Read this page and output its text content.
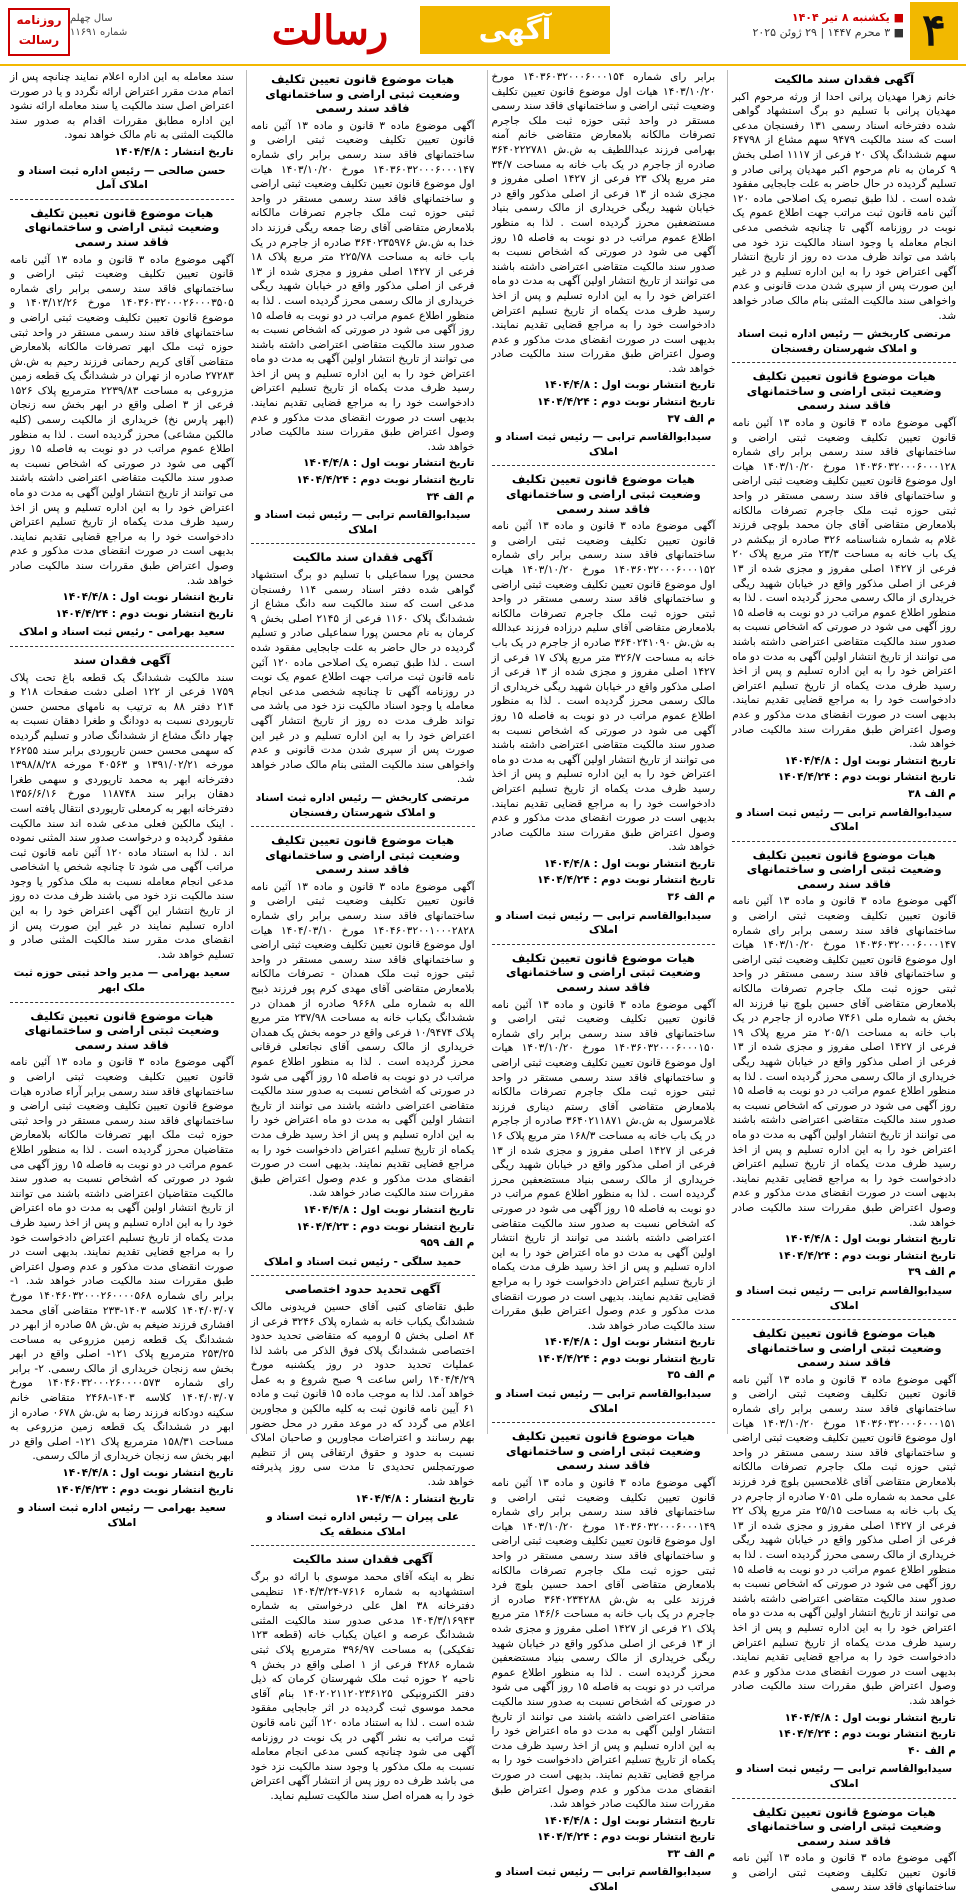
۴
■ یکشنبه ۸ تیر ۱۴۰۴
■ ۳ محرم ۱۴۴۷ | ۲۹ ژوئن ۲۰۲۵
آگهی
رسالت
سال چهلم
شماره ۱۱۶۹۱
روزنامه رسالت
آگهی فقدان سند مالکیت

خانم زهرا مهدیان پرانی احدا از ورثه مرحوم اکبر مهدیان پرانی با تسلیم دو برگ استشهاد گواهی شده دفترخانه اسناد رسمی ۱۳۱ رفسنجان مدعی است که سند مالکیت ۹۴۷۹ سهم مشاع از ۶۴۷۹۸ سهم ششدانگ پلاک ۲۰ فرعی از ۱۱۱۷ اصلی بخش ۹ کرمان به نام مرحوم اکبر مهدیان پرانی صادر و تسلیم گردیده در حال حاضر به علت جابجایی مفقود شده است . لذا طبق تبصره یک اصلاحی ماده ۱۲۰ آئین نامه قانون ثبت مراتب جهت اطلاع عموم یک نوبت در روزنامه آگهی تا چنانچه شخصی مدعی انجام معامله یا وجود اسناد مالکیت نزد خود می باشد می تواند ظرف مدت ده روز از تاریخ انتشار آگهی اعتراض خود را به این اداره تسلیم و در غیر این صورت پس از سپری شدن مدت قانونی و عدم واخواهی سند مالکیت المثنی بنام مالک صادر خواهد شد.

مرتضی کاربخش — رئیس اداره ثبت اسناد و املاک شهرستان رفسنجان
هیات موضوع قانون تعیین تکلیف وضعیت ثبتی اراضی و ساختمانهای فاقد سند رسمی

آگهی موضوع ماده ۳ قانون و ماده ۱۳ آئین نامه قانون تعیین تکلیف وضعیت ثبتی اراضی و ساختمانهای فاقد سند رسمی برابر رای شماره ۱۴۰۳۶۰۳۲۰۰۰۶۰۰۰۱۲۸ مورخ ۱۴۰۳/۱۰/۲۰ هیات اول موضوع قانون تعیین تکلیف وضعیت ثبتی اراضی و ساختمانهای فاقد سند رسمی مستقر در واحد ثبتی حوزه ثبت ملک جاجرم تصرفات مالکانه بلامعارض متقاضی آقای جان محمد بلوچی فرزند غلام به شماره شناسنامه ۳۲۶ صادره از بیکشم در یک باب خانه به مساحت ۲۳/۳ متر مربع پلاک ۲۰ فرعی از ۱۴۲۷ اصلی مفروز و مجزی شده از ۱۳ فرعی از اصلی مذکور واقع در خیابان شهید ریگی خریداری از مالک رسمی محرز گردیده است . لذا به منظور اطلاع عموم مراتب در دو نوبت به فاصله ۱۵ روز آگهی می شود در صورتی که اشخاص نسبت به صدور سند مالکیت متقاضی اعتراضی داشته باشند می توانند از تاریخ انتشار اولین آگهی به مدت دو ماه اعتراض خود را به این اداره تسلیم و پس از اخذ رسید ظرف مدت یکماه از تاریخ تسلیم اعتراض دادخواست خود را به مراجع قضایی تقدیم نمایند. بدیهی است در صورت انقضای مدت مذکور و عدم وصول اعتراض طبق مقررات سند مالکیت صادر خواهد شد.

تاریخ انتشار نوبت اول : ۱۴۰۴/۴/۸
تاریخ انتشار نوبت دوم : ۱۴۰۴/۴/۲۴
م الف ۳۸
سیدابوالقاسم ترابی — رئیس ثبت اسناد و املاک
هیات موضوع قانون تعیین تکلیف وضعیت ثبتی اراضی و ساختمانهای فاقد سند رسمی

آگهی موضوع ماده ۳ قانون و ماده ۱۳ آئین نامه قانون تعیین تکلیف وضعیت ثبتی اراضی و ساختمانهای فاقد سند رسمی برابر رای شماره ۱۴۰۳۶۰۳۲۰۰۰۶۰۰۰۱۴۷ مورخ ۱۴۰۳/۱۰/۲۰ هیات اول موضوع قانون تعیین تکلیف وضعیت ثبتی اراضی و ساختمانهای فاقد سند رسمی مستقر در واحد ثبتی حوزه ثبت ملک جاجرم تصرفات مالکانه بلامعارض متقاضی آقای حسین بلوچ نیا فرزند اله بخش به شماره ملی ۷۴۶۱ صادره از جاجرم در یک باب خانه به مساحت ۲۰۵/۱ متر مربع پلاک ۱۹ فرعی از ۱۴۲۷ اصلی مفروز و مجزی شده از ۱۳ فرعی از اصلی مذکور واقع در خیابان شهید ریگی خریداری از مالک رسمی محرز گردیده است . لذا به منظور اطلاع عموم مراتب در دو نوبت به فاصله ۱۵ روز آگهی می شود در صورتی که اشخاص نسبت به صدور سند مالکیت متقاضی اعتراضی داشته باشند می توانند از تاریخ انتشار اولین آگهی به مدت دو ماه اعتراض خود را به این اداره تسلیم و پس از اخذ رسید ظرف مدت یکماه از تاریخ تسلیم اعتراض دادخواست خود را به مراجع قضایی تقدیم نمایند. بدیهی است در صورت انقضای مدت مذکور و عدم وصول اعتراض طبق مقررات سند مالکیت صادر خواهد شد.

تاریخ انتشار نوبت اول : ۱۴۰۴/۴/۸
تاریخ انتشار نوبت دوم : ۱۴۰۴/۴/۲۴
م الف ۳۹
سیدابوالقاسم ترابی — رئیس ثبت اسناد و املاک
هیات موضوع قانون تعیین تکلیف وضعیت ثبتی اراضی و ساختمانهای فاقد سند رسمی

آگهی موضوع ماده ۳ قانون و ماده ۱۳ آئین نامه قانون تعیین تکلیف وضعیت ثبتی اراضی و ساختمانهای فاقد سند رسمی برابر رای شماره ۱۴۰۳۶۰۳۲۰۰۰۶۰۰۰۱۵۱ مورخ ۱۴۰۳/۱۰/۲۰ هیات اول موضوع قانون تعیین تکلیف وضعیت ثبتی اراضی و ساختمانهای فاقد سند رسمی مستقر در واحد ثبتی حوزه ثبت ملک جاجرم تصرفات مالکانه بلامعارض متقاضی آقای غلامحسین بلوچ فرد فرزند علی محمد به شماره ملی ۷۰۵۱ صادره از جاجرم در یک باب خانه به مساحت ۲۵/۱۵ متر مربع پلاک ۲۲ فرعی از ۱۴۲۷ اصلی مفروز و مجزی شده از ۱۳ فرعی از اصلی مذکور واقع در خیابان شهید ریگی خریداری از مالک رسمی محرز گردیده است . لذا به منظور اطلاع عموم مراتب در دو نوبت به فاصله ۱۵ روز آگهی می شود در صورتی که اشخاص نسبت به صدور سند مالکیت متقاضی اعتراضی داشته باشند می توانند از تاریخ انتشار اولین آگهی به مدت دو ماه اعتراض خود را به این اداره تسلیم و پس از اخذ رسید ظرف مدت یکماه از تاریخ تسلیم اعتراض دادخواست خود را به مراجع قضایی تقدیم نمایند. بدیهی است در صورت انقضای مدت مذکور و عدم وصول اعتراض طبق مقررات سند مالکیت صادر خواهد شد.

تاریخ انتشار نوبت اول : ۱۴۰۴/۴/۸
تاریخ انتشار نوبت دوم : ۱۴۰۴/۴/۲۴
م الف ۴۰
سیدابوالقاسم ترابی — رئیس ثبت اسناد و املاک
هیات موضوع قانون تعیین تکلیف وضعیت ثبتی اراضی و ساختمانهای فاقد سند رسمی

آگهی موضوع ماده ۳ قانون و ماده ۱۳ آئین نامه قانون تعیین تکلیف وضعیت ثبتی اراضی و ساختمانهای فاقد سند رسمی

برابر رای شماره ۱۴۰۳۶۰۳۲۰۰۰۶۰۰۰۱۵۴ مورخ ۱۴۰۳/۱۰/۲۰ هیات اول موضوع قانون تعیین تکلیف وضعیت ثبتی اراضی و ساختمانهای فاقد سند رسمی مستقر در واحد ثبتی حوزه ثبت ملک جاجرم تصرفات مالکانه بلامعارض متقاضی خانم آمنه بهرامی فرزند عبداللطیف به ش.ش ۳۶۴۰۲۲۲۷۸۱ صادره از جاجرم در یک باب خانه به مساحت ۳۴/۷ متر مربع پلاک ۲۳ فرعی از ۱۴۲۷ اصلی مفروز و مجزی شده از ۱۳ فرعی از اصلی مذکور واقع در خیابان شهید ریگی خریداری از مالک رسمی بنیاد مستضعفین محرز گردیده است . لذا به منظور اطلاع عموم مراتب در دو نوبت به فاصله ۱۵ روز آگهی می شود در صورتی که اشخاص نسبت به صدور سند مالکیت متقاضی اعتراضی داشته باشند می توانند از تاریخ انتشار اولین آگهی به مدت دو ماه اعتراض خود را به این اداره تسلیم و پس از اخذ رسید ظرف مدت یکماه از تاریخ تسلیم اعتراض دادخواست خود را به مراجع قضایی تقدیم نمایند. بدیهی است در صورت انقضای مدت مذکور و عدم وصول اعتراض طبق مقررات سند مالکیت صادر خواهد شد.

تاریخ انتشار نوبت اول : ۱۴۰۴/۴/۸
تاریخ انتشار نوبت دوم : ۱۴۰۴/۴/۲۴
م الف ۳۷
سیدابوالقاسم ترابی — رئیس ثبت اسناد و املاک
هیات موضوع قانون تعیین تکلیف وضعیت ثبتی اراضی و ساختمانهای فاقد سند رسمی

آگهی موضوع ماده ۳ قانون و ماده ۱۳ آئین نامه قانون تعیین تکلیف وضعیت ثبتی اراضی و ساختمانهای فاقد سند رسمی برابر رای شماره ۱۴۰۳۶۰۳۲۰۰۰۶۰۰۰۱۵۲ مورخ ۱۴۰۳/۱۰/۲۰ هیات اول موضوع قانون تعیین تکلیف وضعیت ثبتی اراضی و ساختمانهای فاقد سند رسمی مستقر در واحد ثبتی حوزه ثبت ملک جاجرم تصرفات مالکانه بلامعارض متقاضی آقای سلیم درزاده فرزند عبدالله به ش.ش ۳۶۴۰۲۴۱۰۹۰ صادره از جاجرم در یک باب خانه به مساحت ۳۲۶/۷ متر مربع پلاک ۱۷ فرعی از ۱۴۲۷ اصلی مفروز و مجزی شده از ۱۳ فرعی از اصلی مذکور واقع در خیابان شهید ریگی خریداری از مالک رسمی محرز گردیده است . لذا به منظور اطلاع عموم مراتب در دو نوبت به فاصله ۱۵ روز آگهی می شود در صورتی که اشخاص نسبت به صدور سند مالکیت متقاضی اعتراضی داشته باشند می توانند از تاریخ انتشار اولین آگهی به مدت دو ماه اعتراض خود را به این اداره تسلیم و پس از اخذ رسید ظرف مدت یکماه از تاریخ تسلیم اعتراض دادخواست خود را به مراجع قضایی تقدیم نمایند. بدیهی است در صورت انقضای مدت مذکور و عدم وصول اعتراض طبق مقررات سند مالکیت صادر خواهد شد.

تاریخ انتشار نوبت اول : ۱۴۰۴/۴/۸
تاریخ انتشار نوبت دوم : ۱۴۰۴/۴/۲۴
م الف ۳۶
سیدابوالقاسم ترابی — رئیس ثبت اسناد و املاک
هیات موضوع قانون تعیین تکلیف وضعیت ثبتی اراضی و ساختمانهای فاقد سند رسمی

آگهی موضوع ماده ۳ قانون و ماده ۱۳ آئین نامه قانون تعیین تکلیف وضعیت ثبتی اراضی و ساختمانهای فاقد سند رسمی برابر رای شماره ۱۴۰۳۶۰۳۲۰۰۰۶۰۰۰۱۵۰ مورخ ۱۴۰۳/۱۰/۲۰ هیات اول موضوع قانون تعیین تکلیف وضعیت ثبتی اراضی و ساختمانهای فاقد سند رسمی مستقر در واحد ثبتی حوزه ثبت ملک جاجرم تصرفات مالکانه بلامعارض متقاضی آقای رستم دیناری فرزند غلامرسول به ش.ش ۳۶۴۰۲۱۱۸۷۱ صادره از جاجرم در یک باب خانه به مساحت ۱۶۸/۳ متر مربع پلاک ۱۶ فرعی از ۱۴۲۷ اصلی مفروز و مجزی شده از ۱۳ فرعی از اصلی مذکور واقع در خیابان شهید ریگی خریداری از مالک رسمی بنیاد مستضعفین محرز گردیده است . لذا به منظور اطلاع عموم مراتب در دو نوبت به فاصله ۱۵ روز آگهی می شود در صورتی که اشخاص نسبت به صدور سند مالکیت متقاضی اعتراضی داشته باشند می توانند از تاریخ انتشار اولین آگهی به مدت دو ماه اعتراض خود را به این اداره تسلیم و پس از اخذ رسید ظرف مدت یکماه از تاریخ تسلیم اعتراض دادخواست خود را به مراجع قضایی تقدیم نمایند. بدیهی است در صورت انقضای مدت مذکور و عدم وصول اعتراض طبق مقررات سند مالکیت صادر خواهد شد.

تاریخ انتشار نوبت اول : ۱۴۰۴/۴/۸
تاریخ انتشار نوبت دوم : ۱۴۰۴/۴/۲۴
م الف ۳۵
سیدابوالقاسم ترابی — رئیس ثبت اسناد و املاک
هیات موضوع قانون تعیین تکلیف وضعیت ثبتی اراضی و ساختمانهای فاقد سند رسمی

آگهی موضوع ماده ۳ قانون و ماده ۱۳ آئین نامه قانون تعیین تکلیف وضعیت ثبتی اراضی و ساختمانهای فاقد سند رسمی برابر رای شماره ۱۴۰۳۶۰۳۲۰۰۰۶۰۰۰۱۴۹ مورخ ۱۴۰۳/۱۰/۲۰ هیات اول موضوع قانون تعیین تکلیف وضعیت ثبتی اراضی و ساختمانهای فاقد سند رسمی مستقر در واحد ثبتی حوزه ثبت ملک جاجرم تصرفات مالکانه بلامعارض متقاضی آقای احمد حسین بلوچ فرد فرزند علی به ش.ش ۳۶۴۰۲۳۴۲۸۸ صادره از جاجرم در یک باب خانه به مساحت ۱۴۶/۶ متر مربع پلاک ۲۱ فرعی از ۱۴۲۷ اصلی مفروز و مجزی شده از ۱۳ فرعی از اصلی مذکور واقع در خیابان شهید ریگی خریداری از مالک رسمی بنیاد مستضعفین محرز گردیده است . لذا به منظور اطلاع عموم مراتب در دو نوبت به فاصله ۱۵ روز آگهی می شود در صورتی که اشخاص نسبت به صدور سند مالکیت متقاضی اعتراضی داشته باشند می توانند از تاریخ انتشار اولین آگهی به مدت دو ماه اعتراض خود را به این اداره تسلیم و پس از اخذ رسید ظرف مدت یکماه از تاریخ تسلیم اعتراض دادخواست خود را به مراجع قضایی تقدیم نمایند. بدیهی است در صورت انقضای مدت مذکور و عدم وصول اعتراض طبق مقررات سند مالکیت صادر خواهد شد.

تاریخ انتشار نوبت اول : ۱۴۰۴/۴/۸
تاریخ انتشار نوبت دوم : ۱۴۰۴/۴/۲۴
م الف ۳۳
سیدابوالقاسم ترابی — رئیس ثبت اسناد و املاک
هیات موضوع قانون تعیین تکلیف وضعیت ثبتی اراضی و ساختمانهای فاقد سند رسمی

آگهی موضوع ماده ۳ قانون و ماده ۱۳ آئین نامه قانون تعیین تکلیف وضعیت ثبتی اراضی و ساختمانهای فاقد سند رسمی برابر رای شماره ۱۴۰۳۶۰۳۲۰۰۰۶۰۰۰۱۴۷ مورخ ۱۴۰۳/۱۰/۲۰ هیات اول موضوع قانون تعیین تکلیف وضعیت ثبتی اراضی و ساختمانهای فاقد سند رسمی مستقر در واحد ثبتی حوزه ثبت ملک جاجرم تصرفات مالکانه بلامعارض متقاضی آقای رضا جمعه ریگی فرزند داد خدا به ش.ش ۳۶۴۰۲۳۵۹۷۶ صادره از جاجرم در یک باب خانه به مساحت ۲۲۵/۷۸ متر مربع پلاک ۱۸ فرعی از ۱۴۲۷ اصلی مفروز و مجزی شده از ۱۳ فرعی از اصلی مذکور واقع در خیابان شهید ریگی خریداری از مالک رسمی محرز گردیده است . لذا به منظور اطلاع عموم مراتب در دو نوبت به فاصله ۱۵ روز آگهی می شود در صورتی که اشخاص نسبت به صدور سند مالکیت متقاضی اعتراضی داشته باشند می توانند از تاریخ انتشار اولین آگهی به مدت دو ماه اعتراض خود را به این اداره تسلیم و پس از اخذ رسید ظرف مدت یکماه از تاریخ تسلیم اعتراض دادخواست خود را به مراجع قضایی تقدیم نمایند. بدیهی است در صورت انقضای مدت مذکور و عدم وصول اعتراض طبق مقررات سند مالکیت صادر خواهد شد.

تاریخ انتشار نوبت اول : ۱۴۰۴/۴/۸
تاریخ انتشار نوبت دوم : ۱۴۰۴/۴/۲۴
م الف ۳۴
سیدابوالقاسم ترابی — رئیس ثبت اسناد و املاک
آگهی فقدان سند مالکیت

محسن پورا سماعیلی با تسلیم دو برگ استشهاد گواهی شده دفتر اسناد رسمی ۱۱۴ رفسنجان مدعی است که سند مالکیت سه دانگ مشاع از ششدانگ پلاک ۱۱۶۰ فرعی از ۲۱۴۵ اصلی بخش ۹ کرمان به نام محسن پورا سماعیلی صادر و تسلیم گردیده در حال حاضر به علت جابجایی مفقود شده است . لذا طبق تبصره یک اصلاحی ماده ۱۲۰ آئین نامه قانون ثبت مراتب جهت اطلاع عموم یک نوبت در روزنامه آگهی تا چنانچه شخصی مدعی انجام معامله یا وجود اسناد مالکیت نزد خود می باشد می تواند ظرف مدت ده روز از تاریخ انتشار آگهی اعتراض خود را به این اداره تسلیم و در غیر این صورت پس از سپری شدن مدت قانونی و عدم واخواهی سند مالکیت المثنی بنام مالک صادر خواهد شد.

مرتضی کاربخش — رئیس اداره ثبت اسناد و املاک شهرستان رفسنجان
هیات موضوع قانون تعیین تکلیف وضعیت ثبتی اراضی و ساختمانهای فاقد سند رسمی

آگهی موضوع ماده ۳ قانون و ماده ۱۳ آئین نامه قانون تعیین تکلیف وضعیت ثبتی اراضی و ساختمانهای فاقد سند رسمی برابر رای شماره ۱۴۰۴۶۰۳۲۰۰۱۰۰۰۲۸۲۸ مورخ ۱۴۰۴/۰۳/۱۰ هیات اول موضوع قانون تعیین تکلیف وضعیت ثبتی اراضی و ساختمانهای فاقد سند رسمی مستقر در واحد ثبتی حوزه ثبت ملک همدان - تصرفات مالکانه بلامعارض متقاضی آقای مهدی کرم پور فرزند ذبیح الله به شماره ملی ۹۶۶۸ صادره از همدان در ششدانگ یکباب خانه به مساحت ۲۳۷/۹۸ متر مربع پلاک ۱۰/۹۴۷۴ فرعی واقع در حومه بخش یک همدان خریداری از مالک رسمی آقای نجاتعلی فرقانی محرز گردیده است . لذا به منظور اطلاع عموم مراتب در دو نوبت به فاصله ۱۵ روز آگهی می شود در صورتی که اشخاص نسبت به صدور سند مالکیت متقاضی اعتراضی داشته باشند می توانند از تاریخ انتشار اولین آگهی به مدت دو ماه اعتراض خود را به این اداره تسلیم و پس از اخذ رسید ظرف مدت یکماه از تاریخ تسلیم اعتراض دادخواست خود را به مراجع قضایی تقدیم نمایند. بدیهی است در صورت انقضای مدت مذکور و عدم وصول اعتراض طبق مقررات سند مالکیت صادر خواهد شد.

تاریخ انتشار نوبت اول : ۱۴۰۴/۴/۸
تاریخ انتشار نوبت دوم : ۱۴۰۴/۴/۲۳
م الف ۹۵۹
حمید سلگی - رئیس ثبت اسناد و املاک
آگهی تحدید حدود اختصاصی

طبق تقاضای کتبی آقای حسین فریدونی مالک ششدانگ یکباب خانه به شماره پلاک ۳۲۴۶ فرعی از ۸۴ اصلی بخش ۵ ارومیه که متقاضی تحدید حدود اختصاصی ششدانگ پلاک فوق الذکر می باشد لذا عملیات تحدید حدود در روز یکشنبه مورخ ۱۴۰۴/۴/۲۹ راس ساعت ۹ صبح شروع و به عمل خواهد آمد. لذا به موجب ماده ۱۵ قانون ثبت و ماده ۶۱ آیین نامه قانون ثبت به کلیه مالکین و مجاورین اعلام می گردد که در موعد مقرر در محل حضور بهم رسانند و اعتراضات مجاورین و صاحبان املاک نسبت به حدود و حقوق ارتفاقی پس از تنظیم صورتمجلس تحدیدی تا مدت سی روز پذیرفته خواهد شد.

تاریخ انتشار : ۱۴۰۴/۴/۸
علی پیران — رئیس اداره ثبت اسناد و املاک منطقه یک
آگهی فقدان سند مالکیت

نظر به اینکه آقای محمد موسوی با ارائه دو برگ استشهادیه به شماره ۷۶۱۶-۱۴۰۴/۳/۲۴ تنظیمی دفترخانه ۳۸ اهل علی درخواستی به شماره ۱۴۰۴/۳/۱۶۹۴۳ مدعی صدور سند مالکیت المثنی ششدانگ عرصه و اعیان یکباب خانه (قطعه ۱۲۳ تفکیکی) به مساحت ۳۹۶/۹۷ مترمربع پلاک ثبتی شماره ۴۲۸۶ فرعی از ۱ اصلی واقع در بخش ۹ ناحیه ۲ حوزه ثبت ملک شهرستان کرمان که ذیل دفتر الکترونیکی ۱۴۰۲۰۲۱۱۲۰۲۳۶۱۲۵ بنام آقای محمد موسوی ثبت گردیده در اثر جابجایی مفقود شده است . لذا به استناد ماده ۱۲۰ آئین نامه قانون ثبت مراتب به نشر آگهی در یک نوبت در روزنامه آگهی می شود چنانچه کسی مدعی انجام معامله نسبت به ملک مذکور یا وجود سند مالکیت نزد خود می باشد ظرف ده روز پس از انتشار آگهی اعتراض خود را به همراه اصل سند مالکیت تسلیم نماید.

سند معامله به این اداره اعلام نمایند چنانچه پس از اتمام مدت مقرر اعتراض ارائه نگردد و یا در صورت اعتراض اصل سند مالکیت یا سند معامله ارائه نشود این اداره مطابق مقررات اقدام به صدور سند مالکیت المثنی به نام مالک خواهد نمود.

تاریخ انتشار : ۱۴۰۴/۴/۸
حسن صالحی — رئیس اداره ثبت اسناد و املاک آمل
هیات موضوع قانون تعیین تکلیف وضعیت ثبتی اراضی و ساختمانهای فاقد سند رسمی

آگهی موضوع ماده ۳ قانون و ماده ۱۳ آئین نامه قانون تعیین تکلیف وضعیت ثبتی اراضی و ساختمانهای فاقد سند رسمی برابر رای شماره ۱۴۰۳۶۰۳۲۰۰۰۲۶۰۰۰۳۵۰۵ مورخ ۱۴۰۳/۱۲/۲۶ و موضوع قانون تعیین تکلیف وضعیت ثبتی اراضی و ساختمانهای فاقد سند رسمی مستقر در واحد ثبتی حوزه ثبت ملک ابهر تصرفات مالکانه بلامعارض متقاضی آقای کریم رحمانی فرزند رحیم به ش.ش ۲۷۲۸۳ صادره از تهران در ششدانگ یک قطعه زمین مزروعی به مساحت ۲۲۳۹/۸۳ مترمربع پلاک ۱۵۲۶ فرعی از ۳ اصلی واقع در ابهر بخش سه زنجان (ابهر پارس نخ) خریداری از مالکیت رسمی (کلیه مالکین مشاعی) محرز گردیده است . لذا به منظور اطلاع عموم مراتب در دو نوبت به فاصله ۱۵ روز آگهی می شود در صورتی که اشخاص نسبت به صدور سند مالکیت متقاضی اعتراضی داشته باشند می توانند از تاریخ انتشار اولین آگهی به مدت دو ماه اعتراض خود را به این اداره تسلیم و پس از اخذ رسید ظرف مدت یکماه از تاریخ تسلیم اعتراض دادخواست خود را به مراجع قضایی تقدیم نمایند. بدیهی است در صورت انقضای مدت مذکور و عدم وصول اعتراض طبق مقررات سند مالکیت صادر خواهد شد.

تاریخ انتشار نوبت اول : ۱۴۰۴/۴/۸
تاریخ انتشار نوبت دوم : ۱۴۰۴/۴/۲۴
سعید بهرامی - رئیس ثبت اسناد و املاک
آگهی فقدان سند

سند مالکیت ششدانگ یک قطعه باغ تحت پلاک ۱۷۵۹ فرعی از ۱۲۲ اصلی دشت صفحات ۲۱۸ و ۲۱۴ دفتر ۸۸ به ترتیب به نامهای محسن حسن تاریوردی نسبت به دودانگ و طغرا دهقان نسبت به چهار دانگ مشاع از ششدانگ صادر و تسلیم گردیده که سهمی محسن حسن تاریوردی برابر سند ۲۶۲۵۵ مورخه ۱۳۹۱/۰۲/۲۱ و ۴۰۵۶۳ مورخه ۱۳۹۸/۸/۲۸ دفترخانه ابهر به محمد تاریوردی و سهمی طغرا دهقان برابر سند ۱۱۸۷۴۸ مورخ ۱۳۵۶/۶/۱۶ دفترخانه ابهر به کرمعلی تاریوردی انتقال یافته است . اینک مالکین فعلی مدعی شده اند سند مالکیت مفقود گردیده و درخواست صدور سند المثنی نموده اند . لذا به استناد ماده ۱۲۰ آئین نامه قانون ثبت مراتب آگهی می شود تا چنانچه شخص یا اشخاصی مدعی انجام معامله نسبت به ملک مذکور یا وجود سند مالکیت نزد خود می باشند ظرف مدت ده روز از تاریخ انتشار این آگهی اعتراض خود را به این اداره تسلیم نمایند در غیر این صورت پس از انقضای مدت مقرر سند مالکیت المثنی صادر و تسلیم خواهد شد.

سعید بهرامی — مدیر واحد ثبتی حوزه ثبت ملک ابهر
هیات موضوع قانون تعیین تکلیف وضعیت ثبتی اراضی و ساختمانهای فاقد سند رسمی

آگهی موضوع ماده ۳ قانون و ماده ۱۳ آئین نامه قانون تعیین تکلیف وضعیت ثبتی اراضی و ساختمانهای فاقد سند رسمی برابر آراء صادره هیات موضوع قانون تعیین تکلیف وضعیت ثبتی اراضی و ساختمانهای فاقد سند رسمی مستقر در واحد ثبتی حوزه ثبت ملک ابهر تصرفات مالکانه بلامعارض متقاضیان محرز گردیده است . لذا به منظور اطلاع عموم مراتب در دو نوبت به فاصله ۱۵ روز آگهی می شود در صورتی که اشخاص نسبت به صدور سند مالکیت متقاضیان اعتراضی داشته باشند می توانند از تاریخ انتشار اولین آگهی به مدت دو ماه اعتراض خود را به این اداره تسلیم و پس از اخذ رسید ظرف مدت یکماه از تاریخ تسلیم اعتراض دادخواست خود را به مراجع قضایی تقدیم نمایند. بدیهی است در صورت انقضای مدت مذکور و عدم وصول اعتراض طبق مقررات سند مالکیت صادر خواهد شد. ۱- برابر رای شماره ۱۴۰۴۶۰۳۲۰۰۰۲۶۰۰۰۰۵۶۸ مورخ ۱۴۰۴/۰۳/۰۷ کلاسه ۱۴۰۳-۲۳۳ متقاضی آقای محمد افشاری فرزند ضیغم به ش.ش ۵۸ صادره از ابهر در ششدانگ یک قطعه زمین مزروعی به مساحت ۲۵۳/۲۵ مترمربع پلاک ۱۲۱- اصلی واقع در ابهر بخش سه زنجان خریداری از مالک رسمی. ۲- برابر رای شماره ۱۴۰۴۶۰۳۲۰۰۰۲۶۰۰۰۰۵۷۳ مورخ ۱۴۰۴/۰۳/۰۷ کلاسه ۱۴۰۳-۲۴۶۸ متقاضی خانم سکینه دودکانه فرزند رضا به ش.ش ۰۶۷۸ صادره از ابهر در ششدانگ یک قطعه زمین مزروعی به مساحت ۱۵۸/۳۱ مترمربع پلاک ۱۲۱- اصلی واقع در ابهر بخش سه زنجان خریداری از مالک رسمی.

تاریخ انتشار نوبت اول : ۱۴۰۴/۴/۸
تاریخ انتشار نوبت دوم : ۱۴۰۴/۴/۲۳
سعید بهرامی — رئیس اداره ثبت اسناد و املاک
